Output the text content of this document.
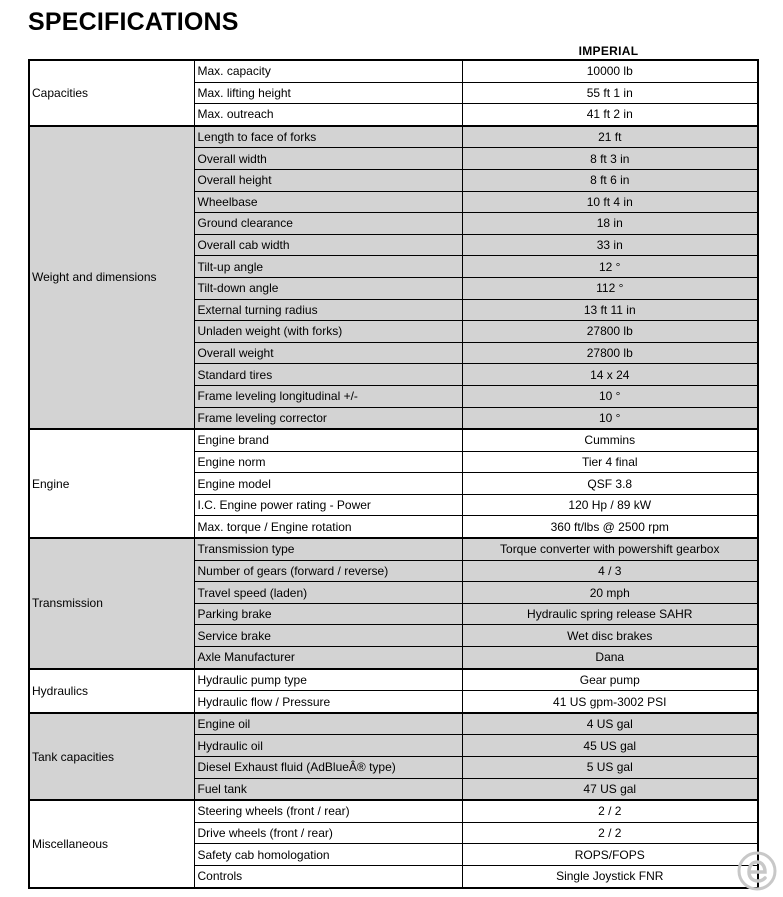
SPECIFICATIONS
IMPERIAL
Capacities	Max. capacity	10000 lb
	Max. lifting height	55 ft 1 in
	Max. outreach	41 ft 2 in
Weight and dimensions	Length to face of forks	21 ft
	Overall width	8 ft 3 in
	Overall height	8 ft 6 in
	Wheelbase	10 ft 4 in
	Ground clearance	18 in
	Overall cab width	33 in
	Tilt-up angle	12 °
	Tilt-down angle	112 °
	External turning radius	13 ft 11 in
	Unladen weight (with forks)	27800 lb
	Overall weight	27800 lb
	Standard tires	14 x 24
	Frame leveling longitudinal +/-	10 °
	Frame leveling corrector	10 °
Engine	Engine brand	Cummins
	Engine norm	Tier 4 final
	Engine model	QSF 3.8
	I.C. Engine power rating - Power	120 Hp / 89 kW
	Max. torque / Engine rotation	360 ft/lbs @ 2500 rpm
Transmission	Transmission type	Torque converter with powershift gearbox
	Number of gears (forward / reverse)	4 / 3
	Travel speed (laden)	20 mph
	Parking brake	Hydraulic spring release SAHR
	Service brake	Wet disc brakes
	Axle Manufacturer	Dana
Hydraulics	Hydraulic pump type	Gear pump
	Hydraulic flow / Pressure	41 US gpm-3002 PSI
Tank capacities	Engine oil	4 US gal
	Hydraulic oil	45 US gal
	Diesel Exhaust fluid (AdBlueÂ® type)	5 US gal
	Fuel tank	47 US gal
Miscellaneous	Steering wheels (front / rear)	2 / 2
	Drive wheels (front / rear)	2 / 2
	Safety cab homologation	ROPS/FOPS
	Controls	Single Joystick FNR
